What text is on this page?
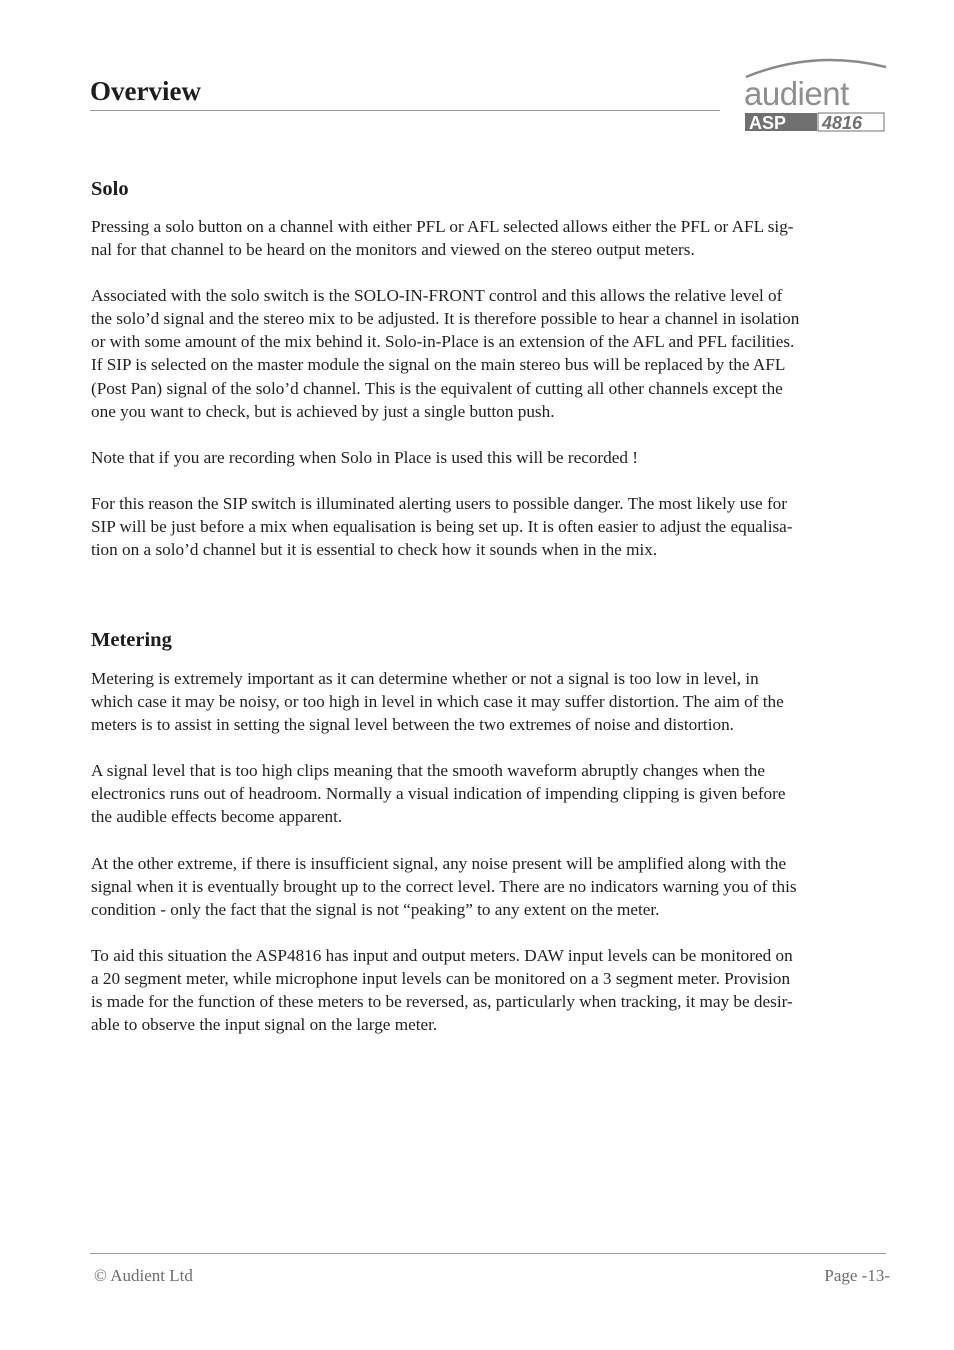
Overview	audient
ASP 4816
Solo

Pressing a solo button on a channel with either PFL or AFL selected allows either the PFL or AFL sig-
nal for that channel to be heard on the monitors and viewed on the stereo output meters.

Associated with the solo switch is the SOLO-IN-FRONT control and this allows the relative level of
the solo’d signal and the stereo mix to be adjusted. It is therefore possible to hear a channel in isolation
or with some amount of the mix behind it. Solo-in-Place is an extension of the AFL and PFL facilities.
If SIP is selected on the master module the signal on the main stereo bus will be replaced by the AFL
(Post Pan) signal of the solo’d channel. This is the equivalent of cutting all other channels except the
one you want to check, but is achieved by just a single button push.

Note that if you are recording when Solo in Place is used this will be recorded !

For this reason the SIP switch is illuminated alerting users to possible danger. The most likely use for
SIP will be just before a mix when equalisation is being set up. It is often easier to adjust the equalisa-
tion on a solo’d channel but it is essential to check how it sounds when in the mix.

Metering

Metering is extremely important as it can determine whether or not a signal is too low in level, in
which case it may be noisy, or too high in level in which case it may suffer distortion. The aim of the
meters is to assist in setting the signal level between the two extremes of noise and distortion.

A signal level that is too high clips meaning that the smooth waveform abruptly changes when the
electronics runs out of headroom. Normally a visual indication of impending clipping is given before
the audible effects become apparent.

At the other extreme, if there is insufficient signal, any noise present will be amplified along with the
signal when it is eventually brought up to the correct level. There are no indicators warning you of this
condition - only the fact that the signal is not “peaking” to any extent on the meter.

To aid this situation the ASP4816 has input and output meters. DAW input levels can be monitored on
a 20 segment meter, while microphone input levels can be monitored on a 3 segment meter. Provision
is made for the function of these meters to be reversed, as, particularly when tracking, it may be desir-
able to observe the input signal on the large meter.

© Audient Ltd	Page -13-
